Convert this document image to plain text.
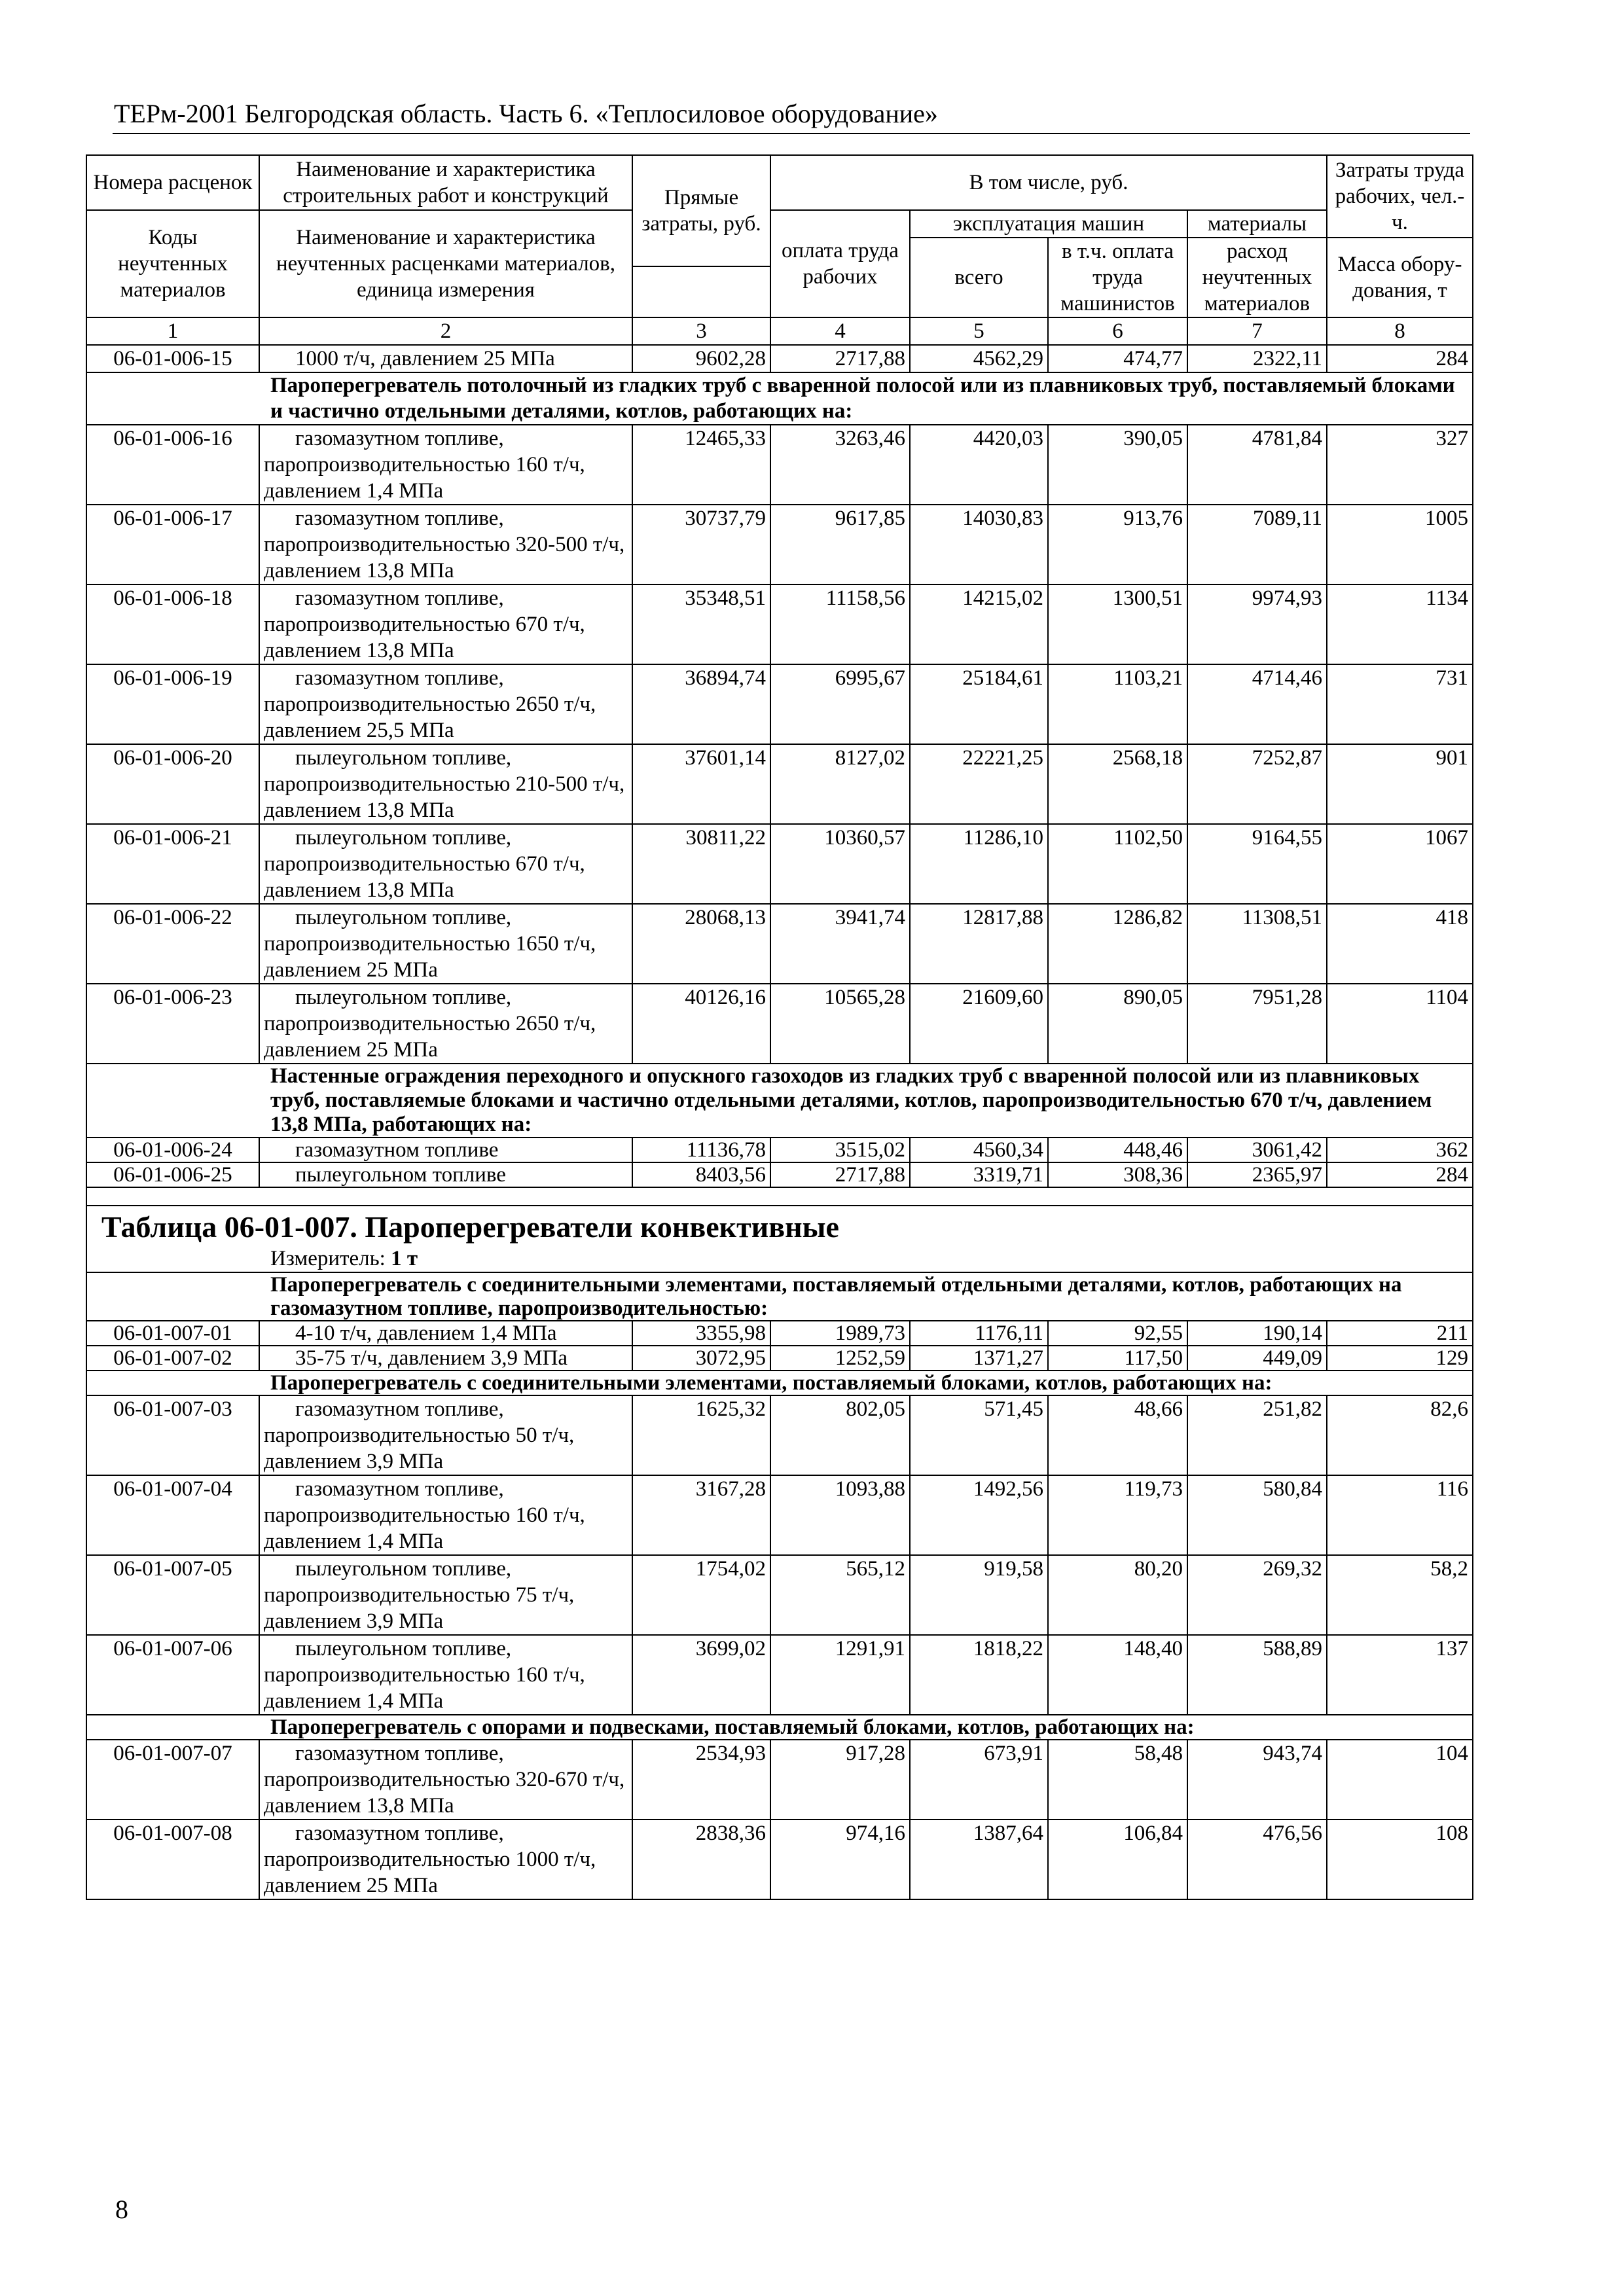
ТЕРм-2001 Белгородская область. Часть 6. «Теплосиловое оборудование»
Номера расценок	Наименование и характеристика строительных работ и конструкций	Прямые затраты, руб.	В том числе, руб.				Затраты труда рабочих, чел.-ч.
Коды неучтенных материалов	Наименование и характеристика неучтенных расценками материалов, единица измерения		оплата труда рабочих	эксплуатация машин		материалы	
				всего	в т.ч. оплата труда машинистов	расход неучтенных материалов	Масса обору-дования, т

1	2	3	4	5	6	7	8
06-01-006-15	1000 т/ч, давлением 25 МПа	9602,28	2717,88	4562,29	474,77	2322,11	284
Пароперегреватель потолочный из гладких труб с вваренной полосой или из плавниковых труб, поставляемый блоками и частично отдельными деталями, котлов, работающих на:							
06-01-006-16	газомазутном топливе, паропроизводительностью 160 т/ч, давлением 1,4 МПа	12465,33	3263,46	4420,03	390,05	4781,84	327
06-01-006-17	газомазутном топливе, паропроизводительностью 320-500 т/ч, давлением 13,8 МПа	30737,79	9617,85	14030,83	913,76	7089,11	1005
06-01-006-18	газомазутном топливе, паропроизводительностью 670 т/ч, давлением 13,8 МПа	35348,51	11158,56	14215,02	1300,51	9974,93	1134
06-01-006-19	газомазутном топливе, паропроизводительностью 2650 т/ч, давлением 25,5 МПа	36894,74	6995,67	25184,61	1103,21	4714,46	731
06-01-006-20	пылеугольном топливе, паропроизводительностью 210-500 т/ч, давлением 13,8 МПа	37601,14	8127,02	22221,25	2568,18	7252,87	901
06-01-006-21	пылеугольном топливе, паропроизводительностью 670 т/ч, давлением 13,8 МПа	30811,22	10360,57	11286,10	1102,50	9164,55	1067
06-01-006-22	пылеугольном топливе, паропроизводительностью 1650 т/ч, давлением 25 МПа	28068,13	3941,74	12817,88	1286,82	11308,51	418
06-01-006-23	пылеугольном топливе, паропроизводительностью 2650 т/ч, давлением 25 МПа	40126,16	10565,28	21609,60	890,05	7951,28	1104
Настенные ограждения переходного и опускного газоходов из гладких труб с вваренной полосой или из плавниковых труб, поставляемые блоками и частично отдельными деталями, котлов, паропроизводительностью 670 т/ч, давлением 13,8 МПа, работающих на:							
06-01-006-24	газомазутном топливе	11136,78	3515,02	4560,34	448,46	3061,42	362
06-01-006-25	пылеугольном топливе	8403,56	2717,88	3319,71	308,36	2365,97	284

Таблица 06-01-007. Пароперегреватели конвективные							
Измеритель: 1 т							
Пароперегреватель с соединительными элементами, поставляемый отдельными деталями, котлов, работающих на газомазутном топливе, паропроизводительностью:							
06-01-007-01	4-10 т/ч, давлением 1,4 МПа	3355,98	1989,73	1176,11	92,55	190,14	211
06-01-007-02	35-75 т/ч, давлением 3,9 МПа	3072,95	1252,59	1371,27	117,50	449,09	129
Пароперегреватель с соединительными элементами, поставляемый блоками, котлов, работающих на:							
06-01-007-03	газомазутном топливе, паропроизводительностью 50 т/ч, давлением 3,9 МПа	1625,32	802,05	571,45	48,66	251,82	82,6
06-01-007-04	газомазутном топливе, паропроизводительностью 160 т/ч, давлением 1,4 МПа	3167,28	1093,88	1492,56	119,73	580,84	116
06-01-007-05	пылеугольном топливе, паропроизводительностью 75 т/ч, давлением 3,9 МПа	1754,02	565,12	919,58	80,20	269,32	58,2
06-01-007-06	пылеугольном топливе, паропроизводительностью 160 т/ч, давлением 1,4 МПа	3699,02	1291,91	1818,22	148,40	588,89	137
Пароперегреватель с опорами и подвесками, поставляемый блоками, котлов, работающих на:							
06-01-007-07	газомазутном топливе, паропроизводительностью 320-670 т/ч, давлением 13,8 МПа	2534,93	917,28	673,91	58,48	943,74	104
06-01-007-08	газомазутном топливе, паропроизводительностью 1000 т/ч, давлением 25 МПа	2838,36	974,16	1387,64	106,84	476,56	108
8
